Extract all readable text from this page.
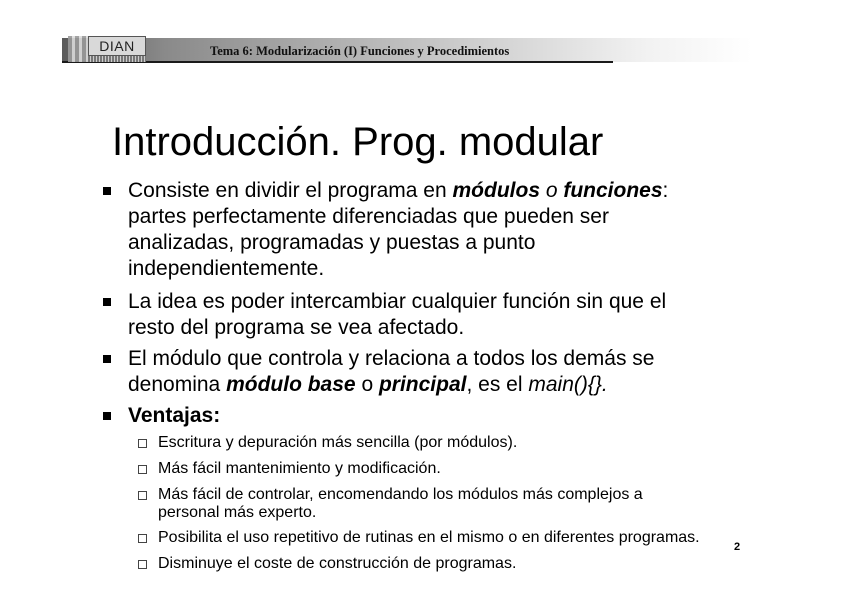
DIAN	Tema 6: Modularización (I) Funciones y Procedimientos
Introducción. Prog. modular
Consiste en dividir el programa en módulos o funciones:
partes perfectamente diferenciadas que pueden ser
analizadas, programadas y puestas a punto
independientemente.
La idea es poder intercambiar cualquier función sin que el
resto del programa se vea afectado.
El módulo que controla y relaciona a todos los demás se
denomina módulo base o principal, es el main(){}.
Ventajas:
Escritura y depuración más sencilla (por módulos).
Más fácil mantenimiento y modificación.
Más fácil de controlar, encomendando los módulos más complejos a
personal más experto.
Posibilita el uso repetitivo de rutinas en el mismo o en diferentes programas.
Disminuye el coste de construcción de programas.
2
